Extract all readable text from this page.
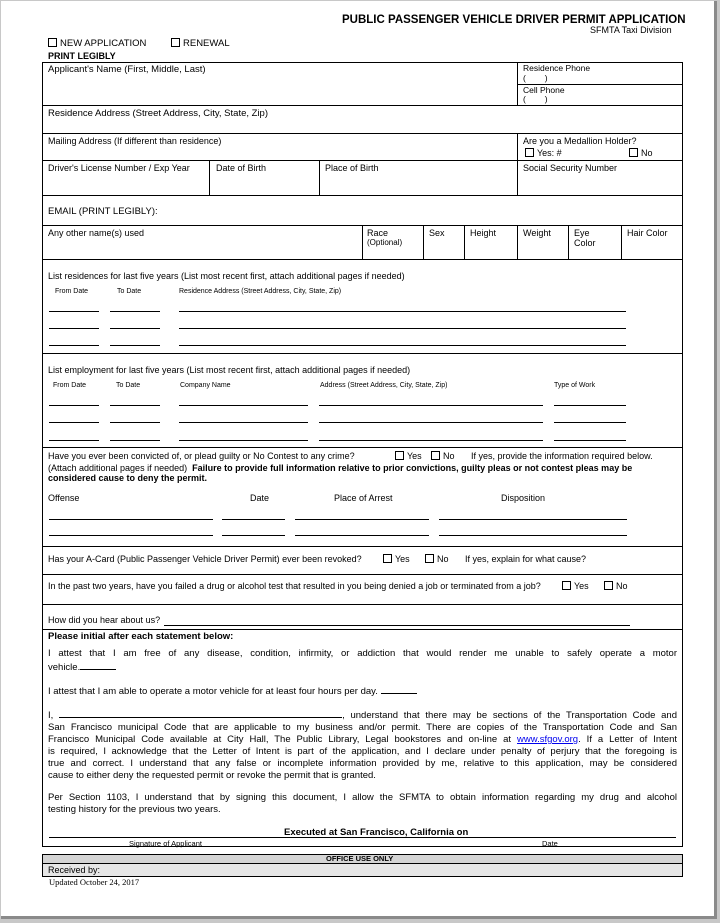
PUBLIC PASSENGER VEHICLE DRIVER PERMIT APPLICATION
SFMTA Taxi Division
NEW APPLICATION	RENEWAL
PRINT LEGIBLY
Applicant's Name (First, Middle, Last)	Residence Phone
(        )
Cell Phone
(        )
Residence Address (Street Address, City, State, Zip)
Mailing Address (If different than residence)	Are you a Medallion Holder?
Yes: #	No
Driver's License Number / Exp Year	Date of Birth	Place of Birth	Social Security Number
EMAIL (PRINT LEGIBLY):
Any other name(s) used	Race
(Optional)
Sex	Height	Weight	Eye
Color
Hair Color
List residences for last five years (List most recent first, attach additional pages if needed)
From Date	To Date	Residence Address (Street Address, City, State, Zip)
List employment for last five years (List most recent first, attach additional pages if needed)
From Date	To Date	Company Name	Address (Street Address, City, State, Zip)	Type of Work
Have you ever been convicted of, or plead guilty or No Contest to any crime?	Yes	No If yes, provide the information required below.
(Attach additional pages if needed) Failure to provide full information relative to prior convictions, guilty pleas or not contest pleas may be
considered cause to deny the permit.
Offense	Date	Place of Arrest	Disposition
Has your A-Card (Public Passenger Vehicle Driver Permit) ever been revoked?	Yes	No If yes, explain for what cause?
In the past two years, have you failed a drug or alcohol test that resulted in you being denied a job or terminated from a job?	Yes	No
How did you hear about us?
Please initial after each statement below:

I attest that I am free of any disease, condition, infirmity, or addiction that would render me unable to safely operate a motor

vehicle.

I attest that I am able to operate a motor vehicle for at least four hours per day.

I,	, understand that there may be sections of the Transportation Code and

San Francisco municipal Code that are applicable to my business and/or permit. There are copies of the Transportation Code and San

Francisco Municipal Code available at City Hall, The Public Library, Legal bookstores and on-line at www.sfgov.org. If a Letter of Intent

is required, I acknowledge that the Letter of Intent is part of the application, and I declare under penalty of perjury that the foregoing is

true and correct. I understand that any false or incomplete information provided by me, relative to this application, may be considered

cause to either deny the requested permit or revoke the permit that is granted.

Per Section 1103, I understand that by signing this document, I allow the SFMTA to obtain information regarding my drug and alcohol

testing history for the previous two years.

Executed at San Francisco, California on
Signature of Applicant	Date
OFFICE USE ONLY
Received by:
Updated October 24, 2017
